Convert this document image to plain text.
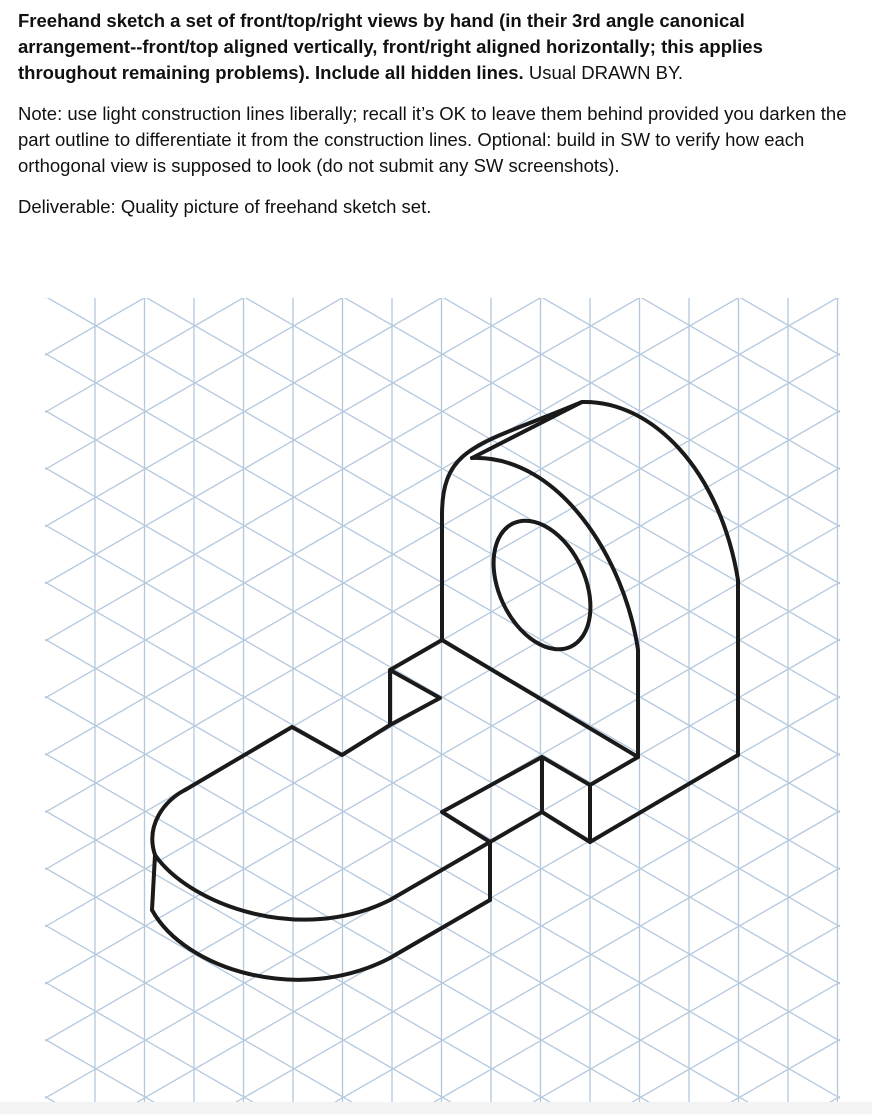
Freehand sketch a set of front/top/right views by hand (in their 3rd angle canonical arrangement--front/top aligned vertically, front/right aligned horizontally; this applies throughout remaining problems). Include all hidden lines. Usual DRAWN BY.

Note: use light construction lines liberally; recall it’s OK to leave them behind provided you darken the part outline to differentiate it from the construction lines. Optional: build in SW to verify how each orthogonal view is supposed to look (do not submit any SW screenshots).

Deliverable: Quality picture of freehand sketch set.
